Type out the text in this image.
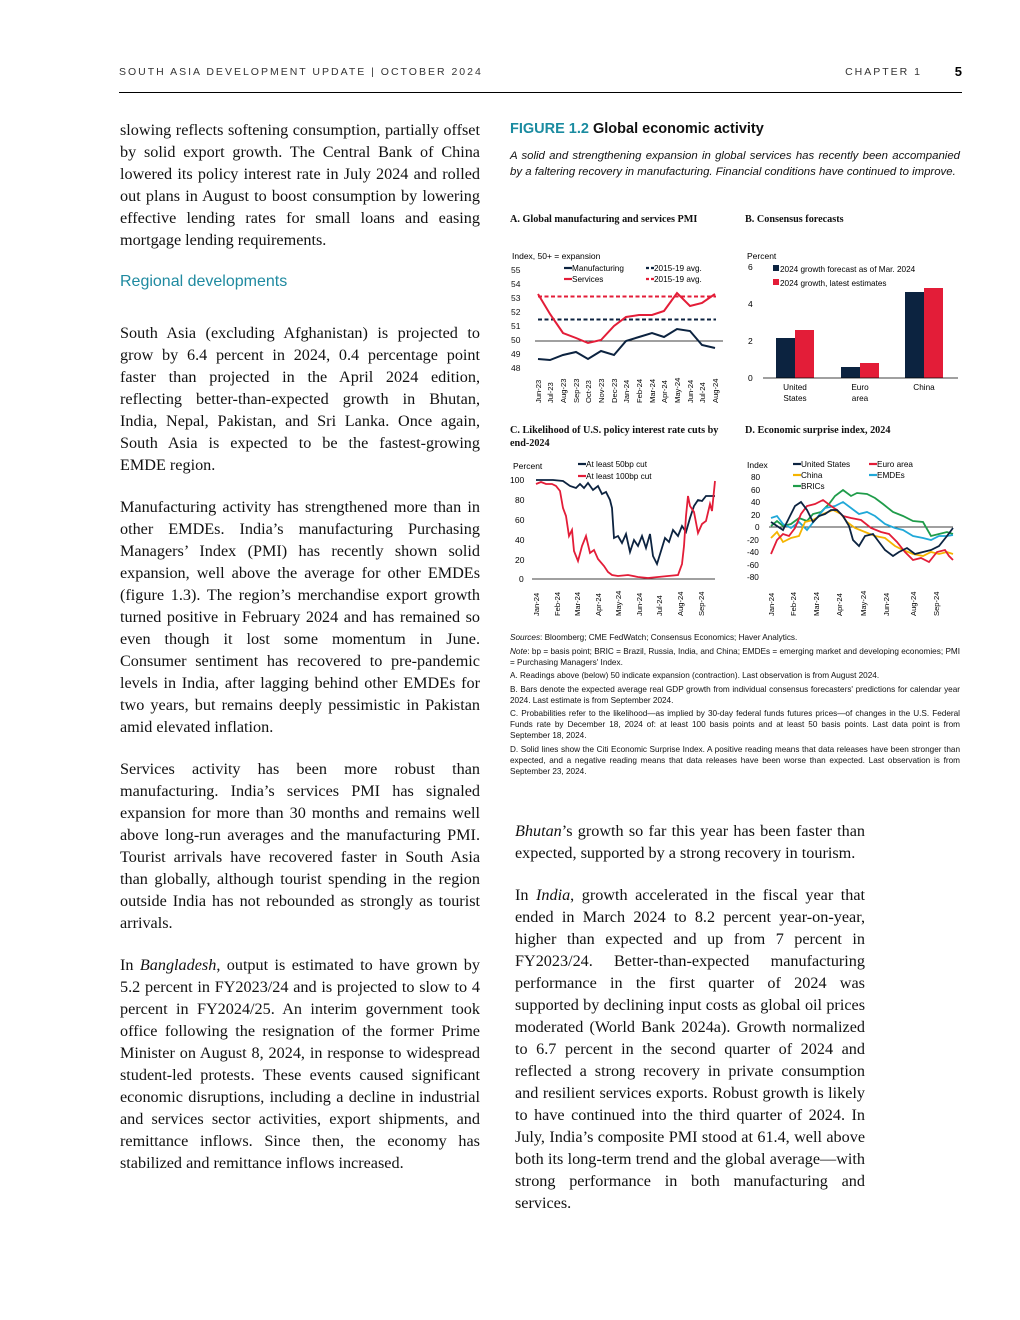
SOUTH ASIA DEVELOPMENT UPDATE | OCTOBER 2024	CHAPTER 1	5

slowing reflects softening consumption, partially offset by solid export growth. The Central Bank of China lowered its policy interest rate in July 2024 and rolled out plans in August to boost consumption by lowering effective lending rates for small loans and easing mortgage lending requirements.

Regional developments

South Asia (excluding Afghanistan) is projected to grow by 6.4 percent in 2024, 0.4 percentage point faster than projected in the April 2024 edition, reflecting better-than-expected growth in Bhutan, India, Nepal, Pakistan, and Sri Lanka. Once again, South Asia is expected to be the fastest-growing EMDE region.

Manufacturing activity has strengthened more than in other EMDEs. India’s manufacturing Purchasing Managers’ Index (PMI) has recently shown solid expansion, well above the average for other EMDEs (figure 1.3). The region’s merchandise export growth turned positive in February 2024 and has remained so even though it lost some momentum in June. Consumer sentiment has recovered to pre-pandemic levels in India, after lagging behind other EMDEs for two years, but remains deeply pessimistic in Pakistan amid elevated inflation.

Services activity has been more robust than manufacturing. India’s services PMI has signaled expansion for more than 30 months and remains well above long-run averages and the manufacturing PMI. Tourist arrivals have recovered faster in South Asia than globally, although tourist spending in the region outside India has not rebounded as strongly as tourist arrivals.

In Bangladesh, output is estimated to have grown by 5.2 percent in FY2023/24 and is projected to slow to 4 percent in FY2024/25. An interim government took office following the resignation of the former Prime Minister on August 8, 2024, in response to widespread student-led protests. These events caused significant economic disruptions, including a decline in industrial and services sector activities, export shipments, and remittance inflows. Since then, the economy has stabilized and remittance inflows increased.

FIGURE 1.2 Global economic activity
A solid and strengthening expansion in global services has recently been accompanied by a faltering recovery in manufacturing. Financial conditions have continued to improve.
A. Global manufacturing and services PMI	B. Consensus forecasts
C. Likelihood of U.S. policy interest rate cuts by end-2024
D. Economic surprise index, 2024
Index, 50+ = expansion
55
54
53
52
51
50
49
48
Manufacturing
Services
2015-19 avg.
2015-19 avg.
Jun-23 Jul-23 Aug-23 Sep-23 Oct-23 Nov-23 Dec-23 Jan-24 Feb-24 Mar-24 Apr-24 May-24 Jun-24 Jul-24 Aug-24
Percent
6
4
2
0
2024 growth forecast as of Mar. 2024
2024 growth, latest estimates
United
States
Euro
area
China
Percent
100
80
60
40
20
0
At least 50bp cut
At least 100bp cut
Jan-24 Feb-24 Mar-24 Apr-24 May-24 Jun-24 Jul-24 Aug-24 Sep-24
Index
80
60
40
20
0
-20
-40
-60
-80
United States	Euro area
China	EMDEs
BRICs
Jan-24 Feb-24 Mar-24 Apr-24 May-24 Jun-24 Aug-24 Sep-24

Sources: Bloomberg; CME FedWatch; Consensus Economics; Haver Analytics.

Note: bp = basis point; BRIC = Brazil, Russia, India, and China; EMDEs = emerging market and developing economies; PMI = Purchasing Managers' Index.

A. Readings above (below) 50 indicate expansion (contraction). Last observation is from August 2024.

B. Bars denote the expected average real GDP growth from individual consensus forecasters' predictions for calendar year 2024. Last estimate is from September 2024.

C. Probabilities refer to the likelihood—as implied by 30-day federal funds futures prices—of changes in the U.S. Federal Funds rate by December 18, 2024 of: at least 100 basis points and at least 50 basis points. Last data point is from September 18, 2024.

D. Solid lines show the Citi Economic Surprise Index. A positive reading means that data releases have been stronger than expected, and a negative reading means that data releases have been worse than expected. Last observation is from September 23, 2024.

Bhutan’s growth so far this year has been faster than expected, supported by a strong recovery in tourism.

In India, growth accelerated in the fiscal year that ended in March 2024 to 8.2 percent year-on-year, higher than expected and up from 7 percent in FY2023/24. Better-than-expected manufacturing performance in the first quarter of 2024 was supported by declining input costs as global oil prices moderated (World Bank 2024a). Growth normalized to 6.7 percent in the second quarter of 2024 and reflected a strong recovery in private consumption and resilient services exports. Robust growth is likely to have continued into the third quarter of 2024. In July, India’s composite PMI stood at 61.4, well above both its long-term trend and the global average—with strong performance in both manufacturing and services.
